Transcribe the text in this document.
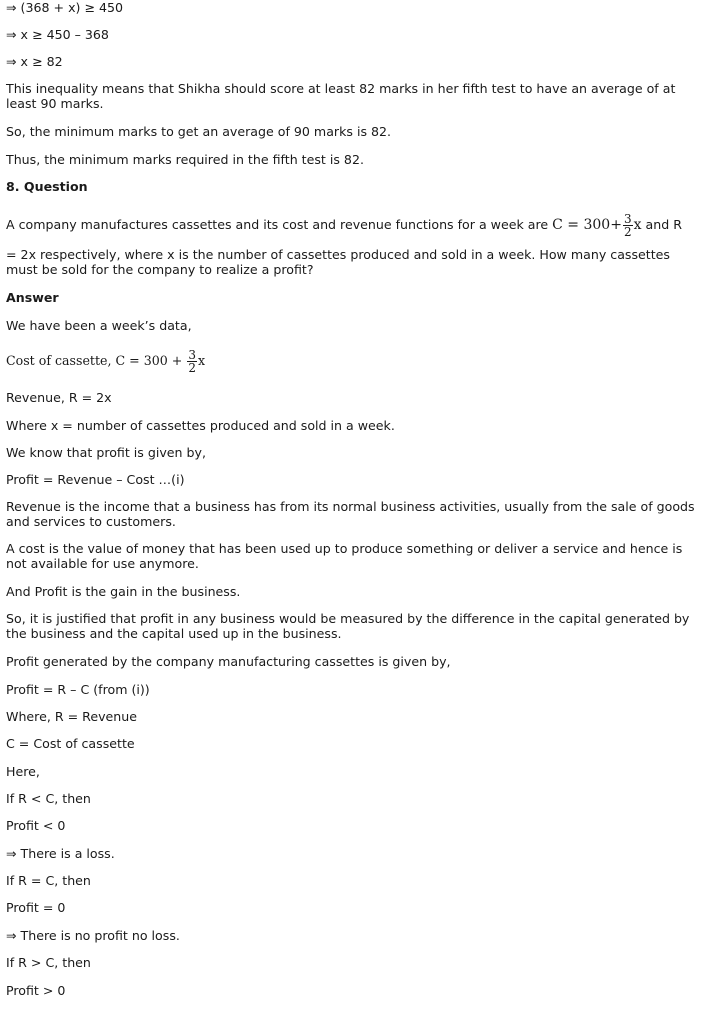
⇒ (368 + x) ≥ 450
⇒ x ≥ 450 – 368
⇒ x ≥ 82
This inequality means that Shikha should score at least 82 marks in her fifth test to have an average of at least 90 marks.
So, the minimum marks to get an average of 90 marks is 82.
Thus, the minimum marks required in the fifth test is 82.
8. Question
A company manufactures cassettes and its cost and revenue functions for a week are $C = 300+ \frac{3}{2}$ x and R
= 2x respectively, where x is the number of cassettes produced and sold in a week. How many cassettes must be sold for the company to realize a profit?
Answer
We have been a week’s data,
Cost of cassette, $C = 300 + \frac{3}{2}$ x
Revenue, R = 2x
Where x = number of cassettes produced and sold in a week.
We know that profit is given by,
Profit = Revenue – Cost …(i)
Revenue is the income that a business has from its normal business activities, usually from the sale of goods and services to customers.
A cost is the value of money that has been used up to produce something or deliver a service and hence is not available for use anymore.
And Profit is the gain in the business.
So, it is justified that profit in any business would be measured by the difference in the capital generated by the business and the capital used up in the business.
Profit generated by the company manufacturing cassettes is given by,
Profit = R – C (from (i))
Where, R = Revenue
C = Cost of cassette
Here,
If R < C, then
Profit < 0
⇒ There is a loss.
If R = C, then
Profit = 0
⇒ There is no profit no loss.
If R > C, then
Profit > 0
